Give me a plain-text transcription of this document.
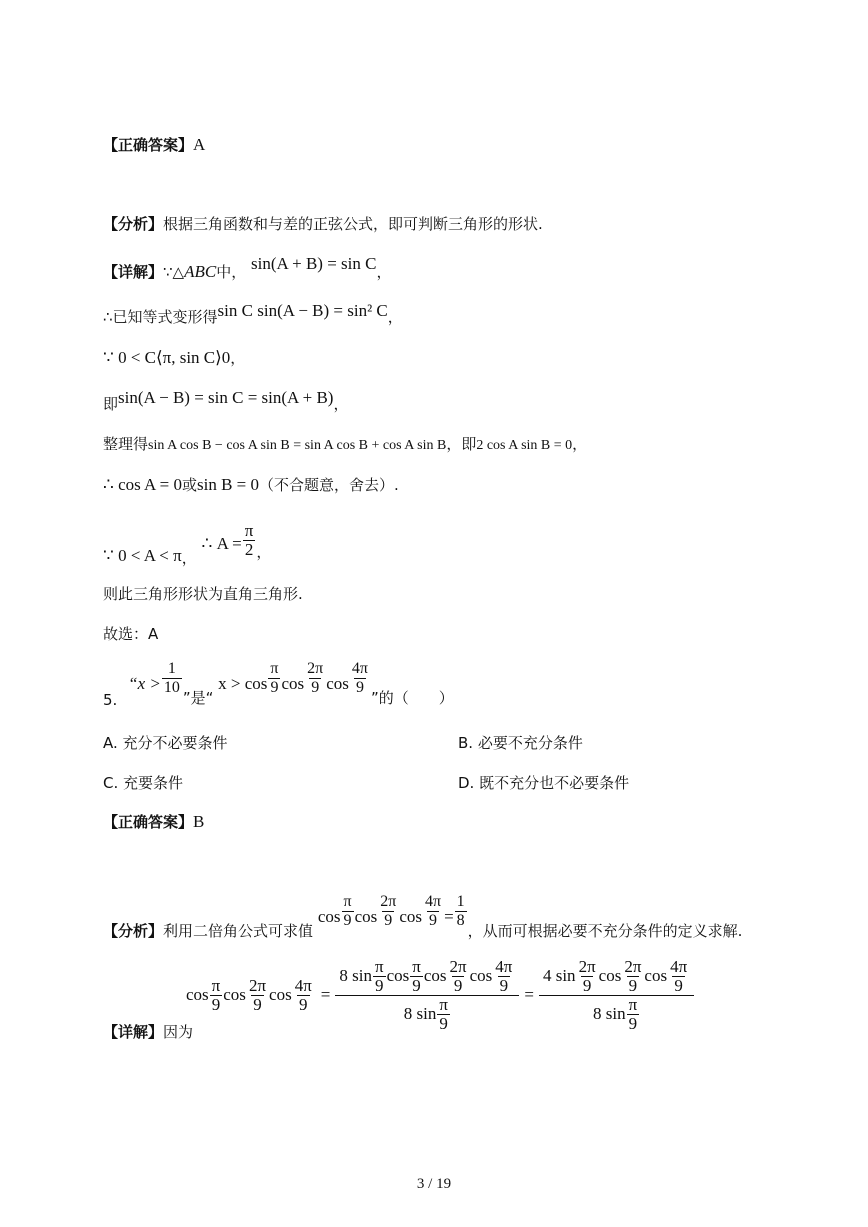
【正确答案】A
【分析】根据三角函数和与差的正弦公式，即可判断三角形的形状.
【详解】∵△ABC中， sin(A + B) = sin C，
∴已知等式变形得sin C sin(A − B) = sin² C，
∵ 0 < C⟨π, sin C⟩0，
即sin(A − B) = sin C = sin(A + B)，
整理得sin A cos B − cos A sin B = sin A cos B + cos A sin B，即2 cos A sin B = 0，
∴ cos A = 0或sin B = 0（不合题意，舍去）.
∵ 0 < A < π， ∴ $A = \frac{\pi}{2}$ ，
则此三角形形状为直角三角形.
故选：A
5. “$x > \frac{1}{10}$
”是“ $x > \cos \frac{\pi}{9}$ $\cos \frac{2\pi}{9}$ $\cos \frac{4\pi}{9}$
”的（　　）
A. 充分不必要条件	B. 必要不充分条件
C. 充要条件	D. 既不充分也不必要条件
【正确答案】B
【分析】利用二倍角公式可求值 $\cos \frac{\pi}{9}$ $\cos \frac{2\pi}{9}$ $\cos \frac{4\pi}{9} = \frac{1}{8}$
，从而可根据必要不充分条件的定义求解.
$\cos \frac{\pi}{9}$ $\cos \frac{2\pi}{9}$ $\cos \frac{4\pi}{9} = \frac{8 \sin \frac{\pi}{9} \cos \frac{\pi}{9} \cos \frac{2\pi}{9} \cos \frac{4\pi}{9}}{8 \sin \frac{\pi}{9}} = \frac{4 \sin \frac{2\pi}{9} \cos \frac{2\pi}{9} \cos \frac{4\pi}{9}}{8 \sin \frac{\pi}{9}}$
【详解】因为
3 / 19
